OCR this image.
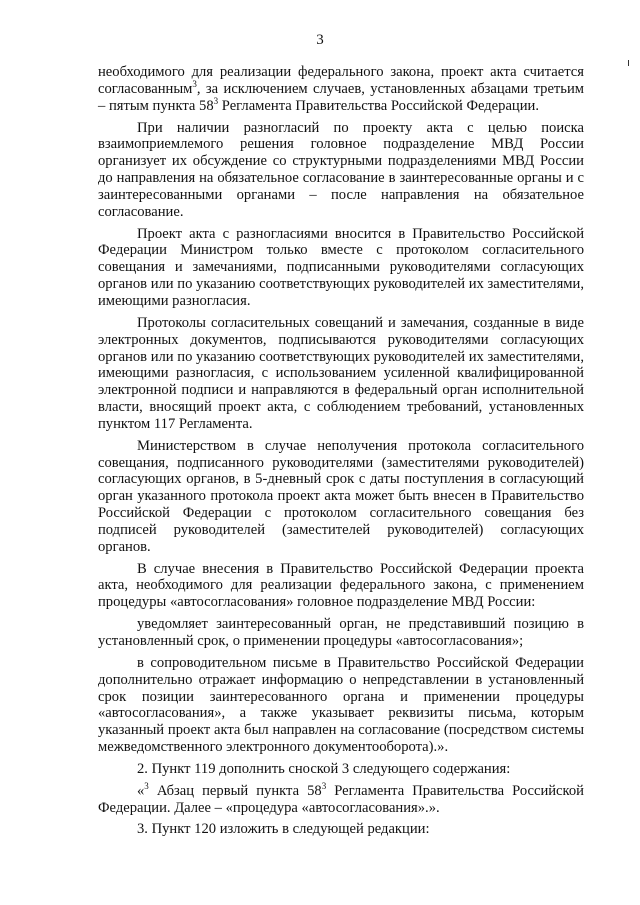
3

необходимого для реализации федерального закона, проект акта считается согласованным$^3$, за исключением случаев, установленных абзацами третьим – пятым пункта $58^3$ Регламента Правительства Российской Федерации.

При наличии разногласий по проекту акта с целью поиска взаимоприемлемого решения головное подразделение МВД России организует их обсуждение со структурными подразделениями МВД России до направления на обязательное согласование в заинтересованные органы и с заинтересованными органами – после направления на обязательное согласование.

Проект акта с разногласиями вносится в Правительство Российской Федерации Министром только вместе с протоколом согласительного совещания и замечаниями, подписанными руководителями согласующих органов или по указанию соответствующих руководителей их заместителями, имеющими разногласия.

Протоколы согласительных совещаний и замечания, созданные в виде электронных документов, подписываются руководителями согласующих органов или по указанию соответствующих руководителей их заместителями, имеющими разногласия, с использованием усиленной квалифицированной электронной подписи и направляются в федеральный орган исполнительной власти, вносящий проект акта, с соблюдением требований, установленных пунктом 117 Регламента.

Министерством в случае неполучения протокола согласительного совещания, подписанного руководителями (заместителями руководителей) согласующих органов, в 5-дневный срок с даты поступления в согласующий орган указанного протокола проект акта может быть внесен в Правительство Российской Федерации с протоколом согласительного совещания без подписей руководителей (заместителей руководителей) согласующих органов.

В случае внесения в Правительство Российской Федерации проекта акта, необходимого для реализации федерального закона, с применением процедуры «автосогласования» головное подразделение МВД России:

уведомляет заинтересованный орган, не представивший позицию в установленный срок, о применении процедуры «автосогласования»;

в сопроводительном письме в Правительство Российской Федерации дополнительно отражает информацию о непредставлении в установленный срок позиции заинтересованного органа и применении процедуры «автосогласования», а также указывает реквизиты письма, которым указанный проект акта был направлен на согласование (посредством системы межведомственного электронного документооборота).».

2. Пункт 119 дополнить сноской 3 следующего содержания:

«$^3$ Абзац первый пункта $58^3$ Регламента Правительства Российской Федерации. Далее – «процедура «автосогласования».».

3. Пункт 120 изложить в следующей редакции:
